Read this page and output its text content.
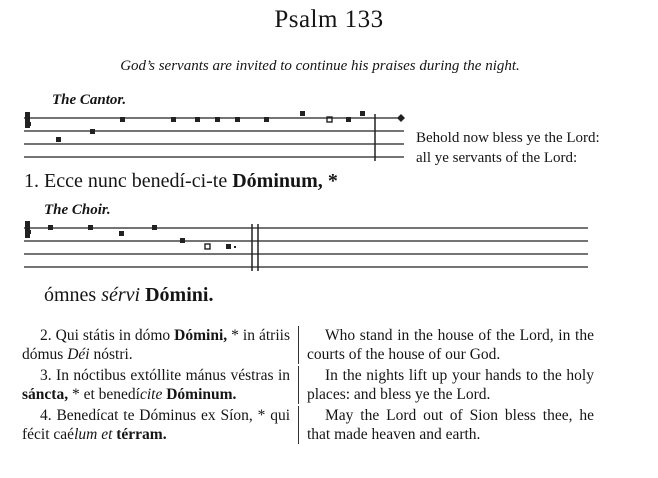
Psalm 133
God’s servants are invited to continue his praises during the night.
The Cantor.
Behold now bless ye the Lord: all ye servants of the Lord:
1. Ecce nunc benedí-ci-te Dóminum, *
The Choir.
ómnes sérvi Dómini.
2. Qui státis in dómo Dómini, * in átriis dómus Déi nóstri.
Who stand in the house of the Lord, in the courts of the house of our God.
3. In nóctibus extóllite mánus véstras in sáncta, * et benedícite Dóminum.
In the nights lift up your hands to the holy places: and bless ye the Lord.
4. Benedícat te Dóminus ex Síon, * qui fécit caélum et térram.
May the Lord out of Sion bless thee, he that made heaven and earth.
